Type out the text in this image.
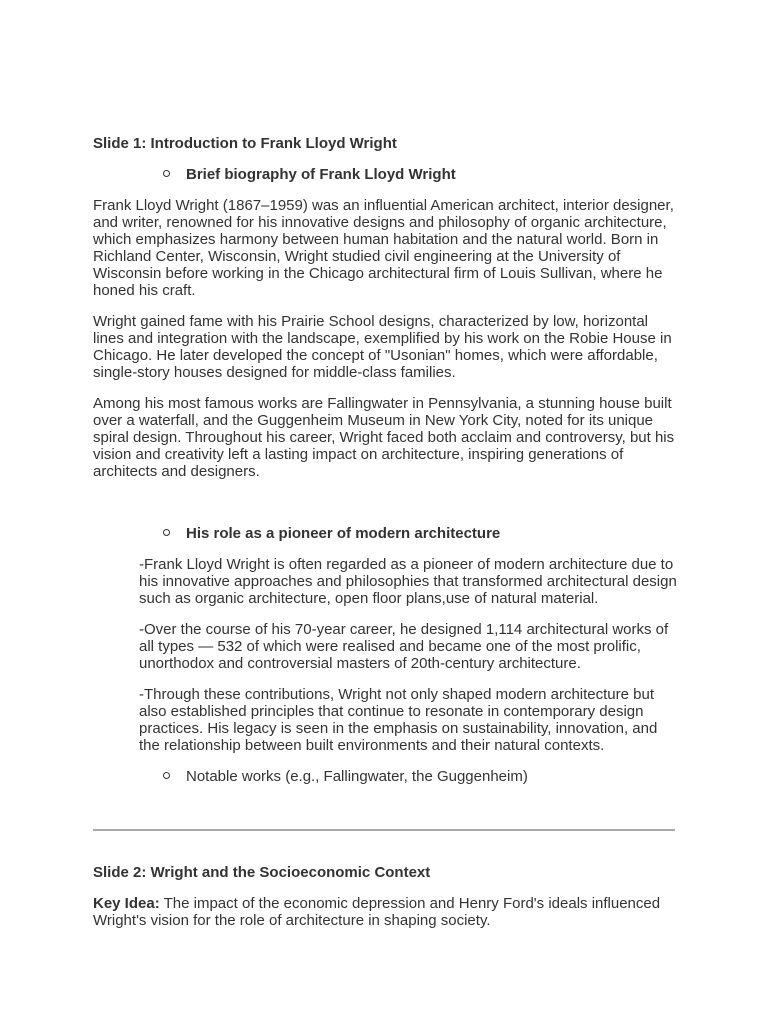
Slide 1: Introduction to Frank Lloyd Wright

Brief biography of Frank Lloyd Wright

Frank Lloyd Wright (1867–1959) was an influential American architect, interior designer, and writer, renowned for his innovative designs and philosophy of organic architecture, which emphasizes harmony between human habitation and the natural world. Born in Richland Center, Wisconsin, Wright studied civil engineering at the University of Wisconsin before working in the Chicago architectural firm of Louis Sullivan, where he honed his craft.

Wright gained fame with his Prairie School designs, characterized by low, horizontal lines and integration with the landscape, exemplified by his work on the Robie House in Chicago. He later developed the concept of "Usonian" homes, which were affordable, single-story houses designed for middle-class families.

Among his most famous works are Fallingwater in Pennsylvania, a stunning house built over a waterfall, and the Guggenheim Museum in New York City, noted for its unique spiral design. Throughout his career, Wright faced both acclaim and controversy, but his vision and creativity left a lasting impact on architecture, inspiring generations of architects and designers.

His role as a pioneer of modern architecture

-Frank Lloyd Wright is often regarded as a pioneer of modern architecture due to his innovative approaches and philosophies that transformed architectural design such as organic architecture, open floor plans,use of natural material.

-Over the course of his 70-year career, he designed 1,114 architectural works of all types — 532 of which were realised and became one of the most prolific, unorthodox and controversial masters of 20th-century architecture.

-Through these contributions, Wright not only shaped modern architecture but also established principles that continue to resonate in contemporary design practices. His legacy is seen in the emphasis on sustainability, innovation, and the relationship between built environments and their natural contexts.

Notable works (e.g., Fallingwater, the Guggenheim)

Slide 2: Wright and the Socioeconomic Context

Key Idea: The impact of the economic depression and Henry Ford's ideals influenced Wright's vision for the role of architecture in shaping society.
